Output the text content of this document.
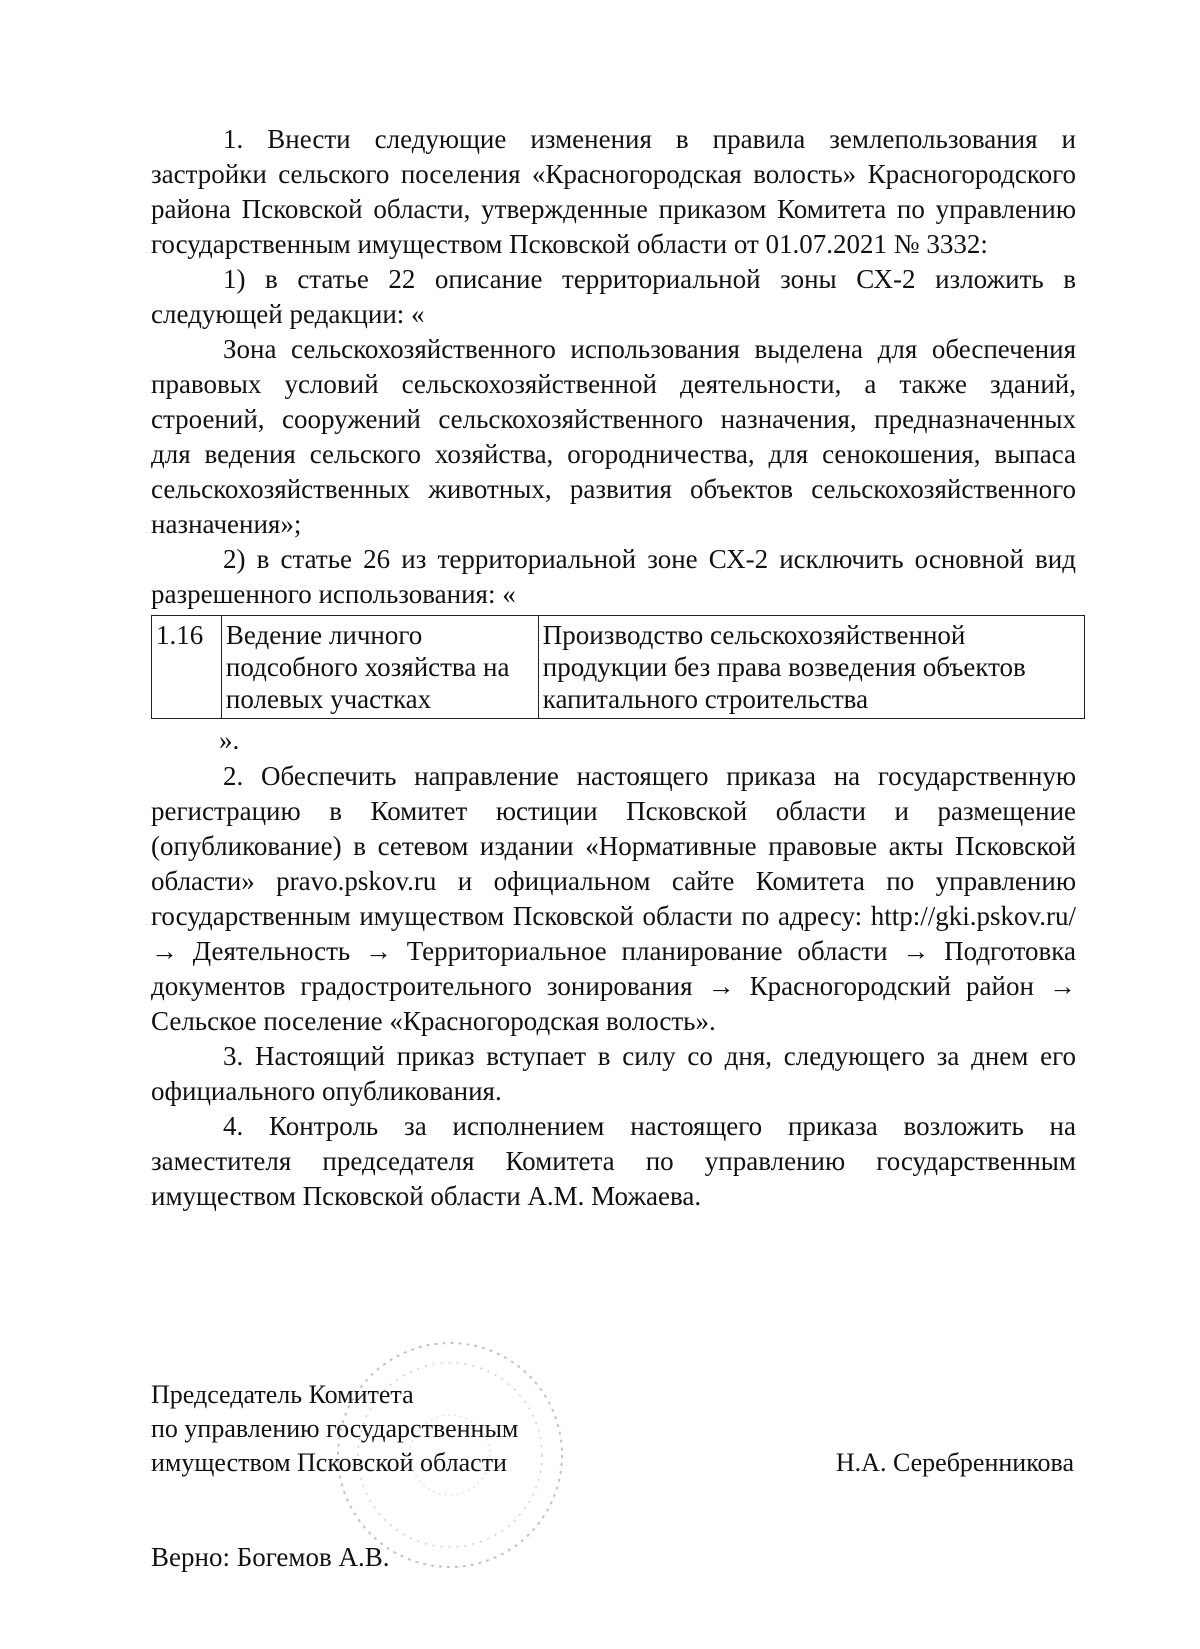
1. Внести следующие изменения в правила землепользования и застройки сельского поселения «Красногородская волость» Красногородского района Псковской области, утвержденные приказом Комитета по управлению государственным имуществом Псковской области от 01.07.2021 № 3332:

1) в статье 22 описание территориальной зоны СХ-2 изложить в следующей редакции: «

Зона сельскохозяйственного использования выделена для обеспечения правовых условий сельскохозяйственной деятельности, а также зданий, строений, сооружений сельскохозяйственного назначения, предназначенных для ведения сельского хозяйства, огородничества, для сенокошения, выпаса сельскохозяйственных животных, развития объектов сельскохозяйственного назначения»;

2) в статье 26 из территориальной зоне СХ-2 исключить основной вид разрешенного использования: «

1.16	Ведение личного подсобного хозяйства на полевых участках	Производство сельскохозяйственной продукции без права возведения объектов капитального строительства

».

2. Обеспечить направление настоящего приказа на государственную регистрацию в Комитет юстиции Псковской области и размещение (опубликование) в сетевом издании «Нормативные правовые акты Псковской области» pravo.pskov.ru и официальном сайте Комитета по управлению государственным имуществом Псковской области по адресу: http://gki.pskov.ru/ → Деятельность → Территориальное планирование области → Подготовка документов градостроительного зонирования → Красногородский район → Сельское поселение «Красногородская волость».

3. Настоящий приказ вступает в силу со дня, следующего за днем его официального опубликования.

4. Контроль за исполнением настоящего приказа возложить на заместителя председателя Комитета по управлению государственным имуществом Псковской области А.М. Можаева.

Председатель Комитета
по управлению государственным
имуществом Псковской области	Н.А. Серебренникова
Верно: Богемов А.В.
